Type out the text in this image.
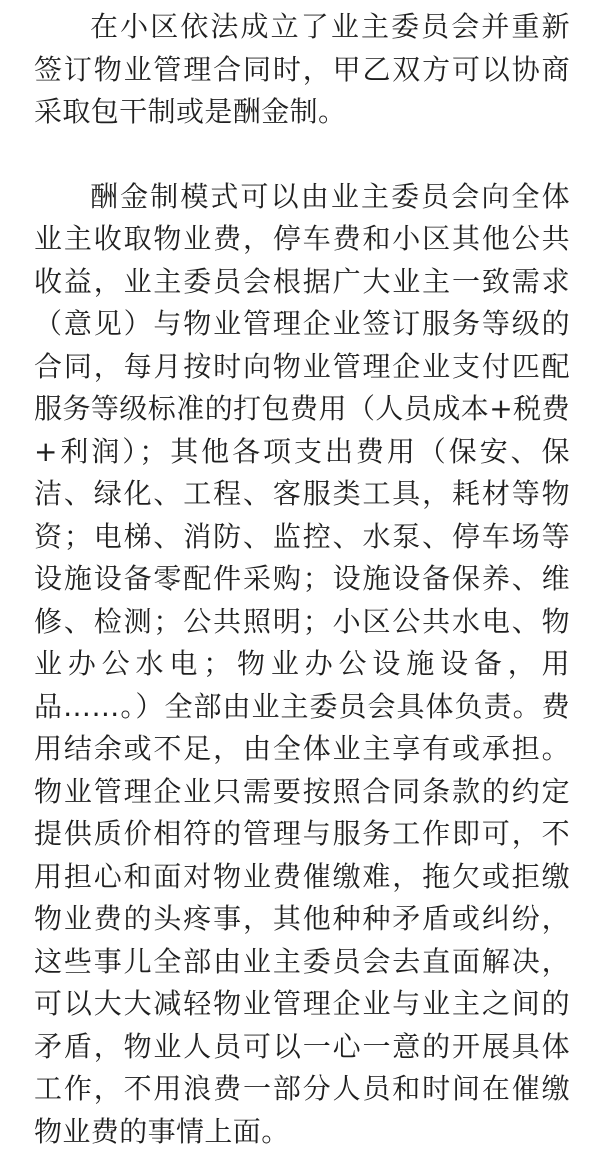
在小区依法成立了业主委员会并重新签订物业管理合同时，甲乙双方可以协商采取包干制或是酬金制。

酬金制模式可以由业主委员会向全体业主收取物业费，停车费和小区其他公共收益，业主委员会根据广大业主一致需求（意见）与物业管理企业签订服务等级的合同，每月按时向物业管理企业支付匹配服务等级标准的打包费用（人员成本+税费+利润）；其他各项支出费用（保安、保洁、绿化、工程、客服类工具，耗材等物资；电梯、消防、监控、水泵、停车场等设施设备零配件采购；设施设备保养、维修、检测；公共照明；小区公共水电、物业办公水电；物业办公设施设备，用品……。）全部由业主委员会具体负责。费用结余或不足，由全体业主享有或承担。物业管理企业只需要按照合同条款的约定提供质价相符的管理与服务工作即可，不用担心和面对物业费催缴难，拖欠或拒缴物业费的头疼事，其他种种矛盾或纠纷，这些事儿全部由业主委员会去直面解决，可以大大减轻物业管理企业与业主之间的矛盾，物业人员可以一心一意的开展具体工作，不用浪费一部分人员和时间在催缴物业费的事情上面。
